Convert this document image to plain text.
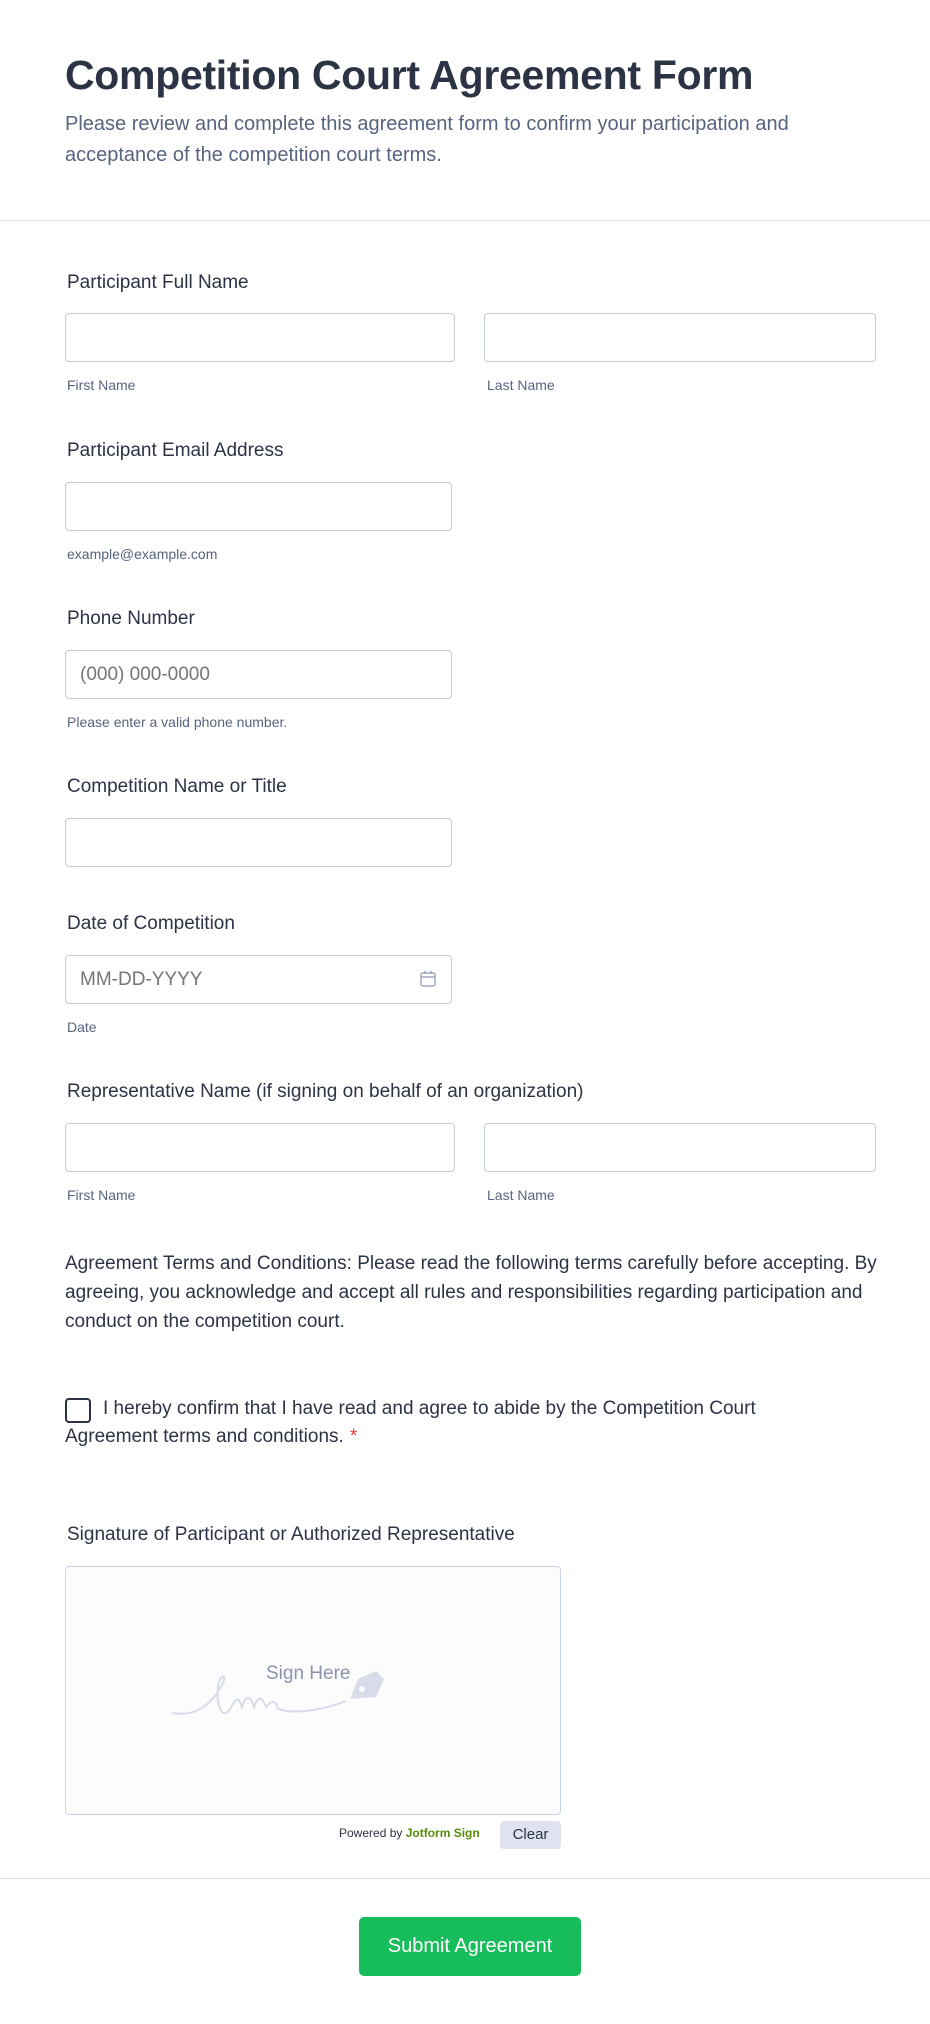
Competition Court Agreement Form

Please review and complete this agreement form to confirm your participation and acceptance of the competition court terms.

Participant Full Name
First Name	Last Name
Participant Email Address
example@example.com
Phone Number
(000) 000-0000
Please enter a valid phone number.
Competition Name or Title
Date of Competition
MM-DD-YYYY
Date
Representative Name (if signing on behalf of an organization)
First Name	Last Name

Agreement Terms and Conditions: Please read the following terms carefully before accepting. By agreeing, you acknowledge and accept all rules and responsibilities regarding participation and conduct on the competition court.

I hereby confirm that I have read and agree to abide by the Competition Court Agreement terms and conditions. *

Signature of Participant or Authorized Representative
Sign Here
Powered by Jotform Sign	Clear
Submit Agreement
